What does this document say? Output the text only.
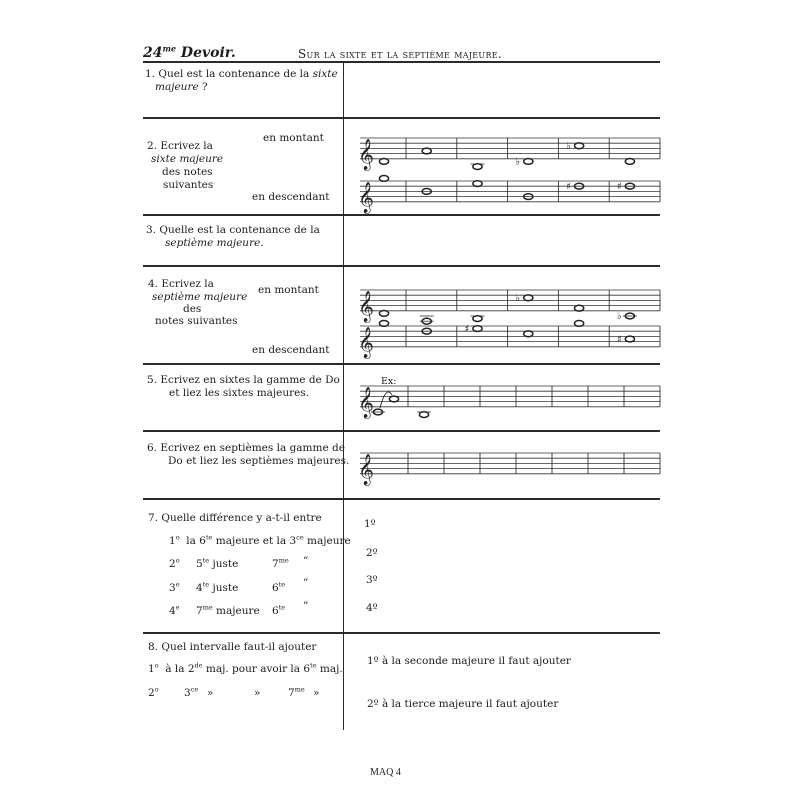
$24^{me}$ Devoir.	Sur la sixte et la septième majeure.
1. Quel est la contenance de la sixte
majeure ?
2. Ecrivez la
sixte majeure
des notes
suivantes
en montant
en descendant
3. Quelle est la contenance de la
septième majeure.
4. Ecrivez la
septième majeure
des
notes suivantes
en montant
en descendant
5. Ecrivez en sixtes la gamme de Do
et liez les sixtes majeures.
Ex:
6. Ecrivez en septièmes la gamme de
Do et liez les septièmes majeures.
7. Quelle différence y a-t-il entre
1$^o$ la $6^{te}$ majeure et la $3^{ce}$ majeure
2$^o$ $5^{te}$ juste	$7^{me}$ ”
3e $4^{te}$ juste	$6^{te}$ ”
4e $7^{me}$ majeure $6^{te}$ ”
1º
2º
3º
4º
8. Quel intervalle faut-il ajouter
1$^o$ à la 2de maj. pour avoir la $6^{te}$ maj.
2$^o$ $3^{ce}$ »	»	$7^{me}$ »
1º à la seconde majeure il faut ajouter
2º à la tierce majeure il faut ajouter
𝄞	♭
♭
𝄞	♯	♯
𝄞	♭
♭
𝄞	♯
♯
𝄞
𝄞
MAQ 4
